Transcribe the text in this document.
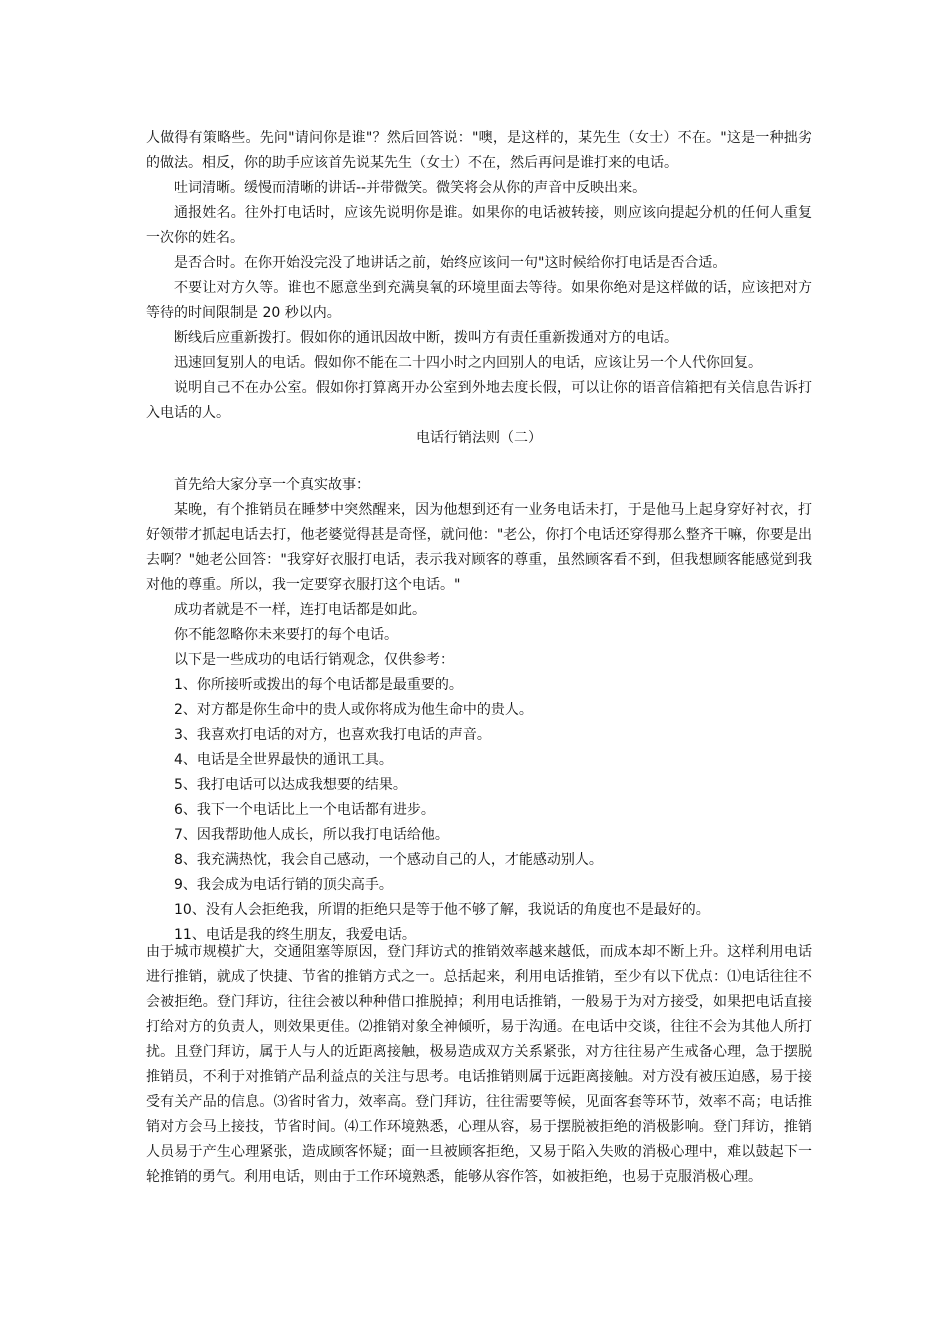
人做得有策略些。先问"请问你是谁"？然后回答说："噢，是这样的，某先生（女士）不在。"这是一种拙劣的做法。相反，你的助手应该首先说某先生（女士）不在，然后再问是谁打来的电话。

吐词清晰。缓慢而清晰的讲话--并带微笑。微笑将会从你的声音中反映出来。

通报姓名。往外打电话时，应该先说明你是谁。如果你的电话被转接，则应该向提起分机的任何人重复一次你的姓名。

是否合时。在你开始没完没了地讲话之前，始终应该问一句"这时候给你打电话是否合适。

不要让对方久等。谁也不愿意坐到充满臭氧的环境里面去等待。如果你绝对是这样做的话，应该把对方等待的时间限制是 20 秒以内。

断线后应重新拨打。假如你的通讯因故中断，拨叫方有责任重新拨通对方的电话。

迅速回复别人的电话。假如你不能在二十四小时之内回别人的电话，应该让另一个人代你回复。

说明自己不在办公室。假如你打算离开办公室到外地去度长假，可以让你的语音信箱把有关信息告诉打入电话的人。

电话行销法则（二）

首先给大家分享一个真实故事：

某晚，有个推销员在睡梦中突然醒来，因为他想到还有一业务电话未打，于是他马上起身穿好衬衣，打好领带才抓起电话去打，他老婆觉得甚是奇怪，就问他："老公，你打个电话还穿得那么整齐干嘛，你要是出去啊？"她老公回答："我穿好衣服打电话，表示我对顾客的尊重，虽然顾客看不到，但我想顾客能感觉到我对他的尊重。所以，我一定要穿衣服打这个电话。"

成功者就是不一样，连打电话都是如此。

你不能忽略你未来要打的每个电话。

以下是一些成功的电话行销观念，仅供参考：

1、你所接听或拨出的每个电话都是最重要的。

2、对方都是你生命中的贵人或你将成为他生命中的贵人。

3、我喜欢打电话的对方，也喜欢我打电话的声音。

4、电话是全世界最快的通讯工具。

5、我打电话可以达成我想要的结果。

6、我下一个电话比上一个电话都有进步。

7、因我帮助他人成长，所以我打电话给他。

8、我充满热忱，我会自己感动，一个感动自己的人，才能感动别人。

9、我会成为电话行销的顶尖高手。

10、没有人会拒绝我，所谓的拒绝只是等于他不够了解，我说话的角度也不是最好的。

11、电话是我的终生朋友，我爱电话。

由于城市规模扩大，交通阻塞等原因，登门拜访式的推销效率越来越低，而成本却不断上升。这样利用电话进行推销，就成了快捷、节省的推销方式之一。总括起来，利用电话推销，至少有以下优点：⑴电话往往不会被拒绝。登门拜访，往往会被以种种借口推脱掉；利用电话推销，一般易于为对方接受，如果把电话直接打给对方的负责人，则效果更佳。⑵推销对象全神倾听，易于沟通。在电话中交谈，往往不会为其他人所打扰。且登门拜访，属于人与人的近距离接触，极易造成双方关系紧张，对方往往易产生戒备心理，急于摆脱推销员，不利于对推销产品利益点的关注与思考。电话推销则属于远距离接触。对方没有被压迫感，易于接受有关产品的信息。⑶省时省力，效率高。登门拜访，往往需要等候，见面客套等环节，效率不高；电话推销对方会马上接技，节省时间。⑷工作环境熟悉，心理从容，易于摆脱被拒绝的消极影响。登门拜访，推销人员易于产生心理紧张，造成顾客怀疑；面一旦被顾客拒绝，又易于陷入失败的消极心理中，难以鼓起下一轮推销的勇气。利用电话，则由于工作环境熟悉，能够从容作答，如被拒绝，也易于克服消极心理。
